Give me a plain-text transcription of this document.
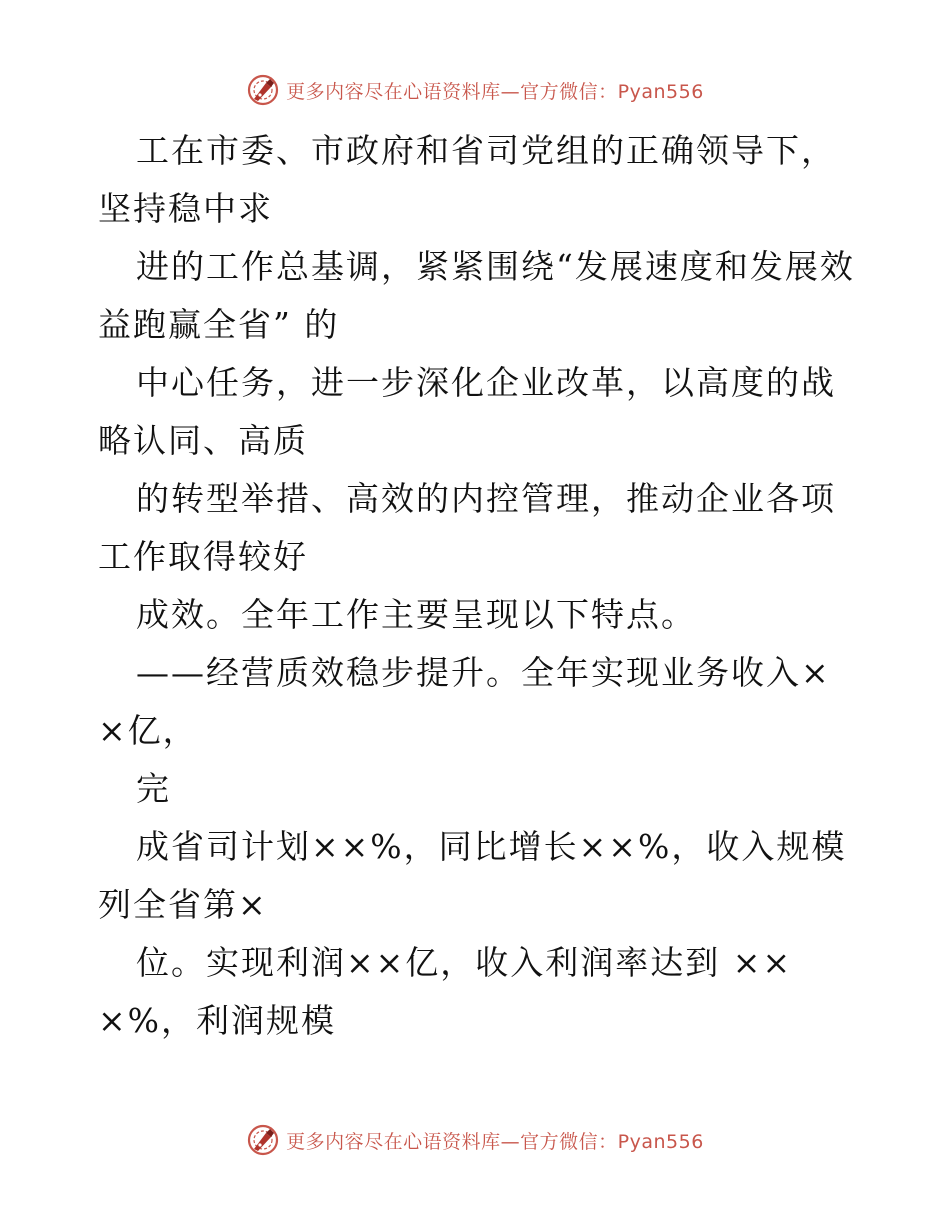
更多内容尽在心语资料库—官方微信：Pyan556

工在市委、市政府和省司党组的正确领导下，坚持稳中求

进的工作总基调，紧紧围绕“发展速度和发展效益跑赢全省” 的

中心任务，进一步深化企业改革，以高度的战略认同、高质

的转型举措、高效的内控管理，推动企业各项工作取得较好

成效。全年工作主要呈现以下特点。

——经营质效稳步提升。全年实现业务收入××亿，

完

成省司计划××%，同比增长××%，收入规模列全省第×

位。实现利润××亿，收入利润率达到 ×××%，利润规模

更多内容尽在心语资料库—官方微信：Pyan556
